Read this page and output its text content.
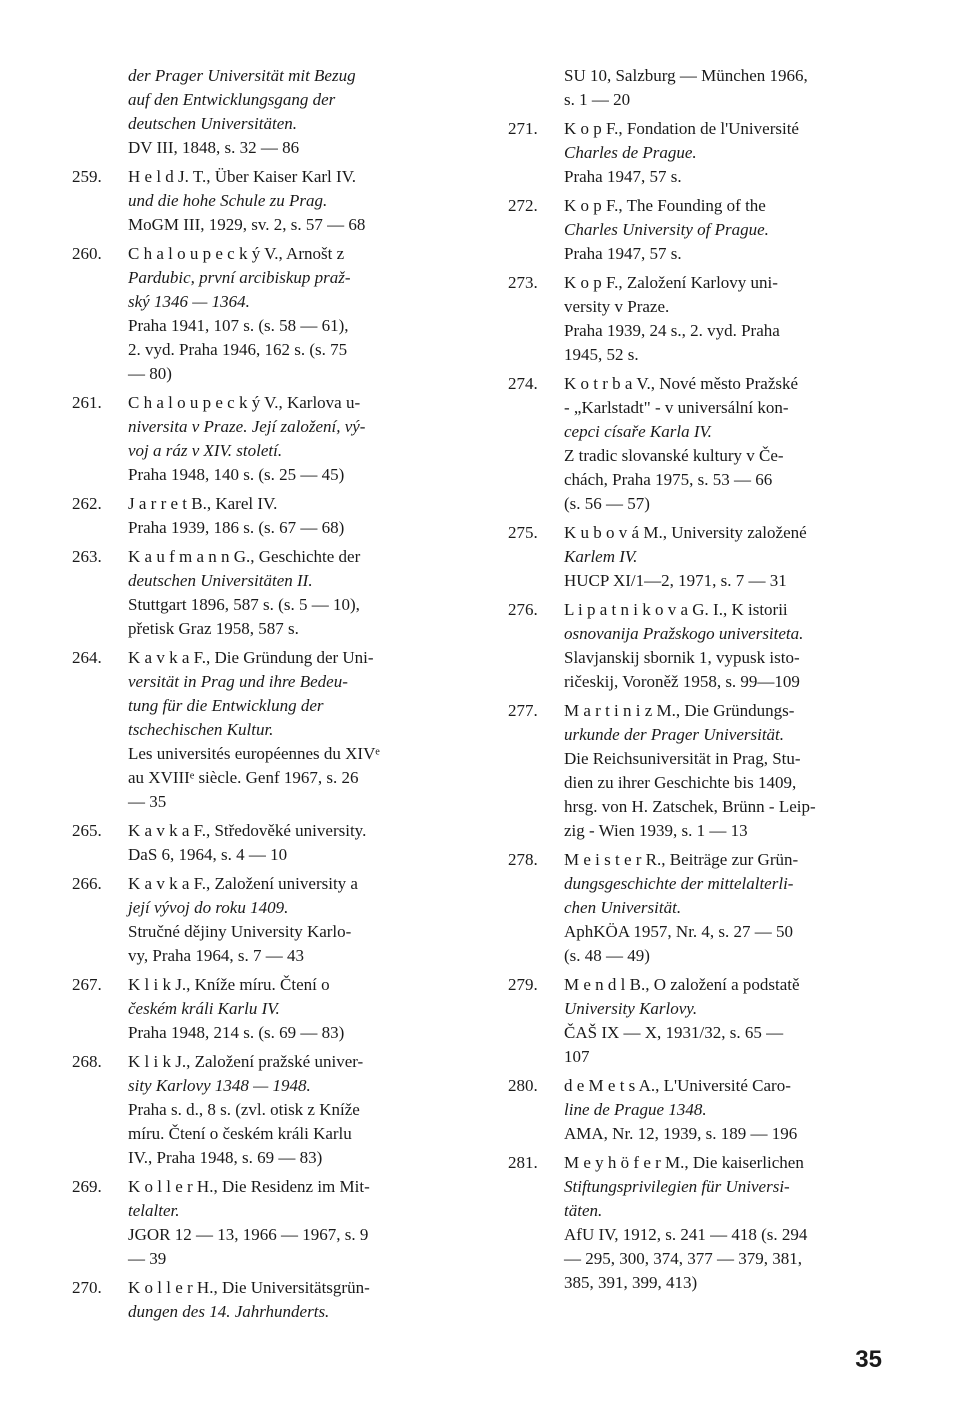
der Prager Universität mit Bezug
auf den Entwicklungsgang der
deutschen Universitäten.
DV III, 1848, s. 32 — 86
259.	H e l d J. T., Über Kaiser Karl IV.
und die hohe Schule zu Prag.
MoGM III, 1929, sv. 2, s. 57 — 68
260.	C h a l o u p e c k ý V., Arnošt z
Pardubic, první arcibiskup praž-
ský 1346 — 1364.
Praha 1941, 107 s. (s. 58 — 61),
2. vyd. Praha 1946, 162 s. (s. 75
— 80)
261.	C h a l o u p e c k ý V., Karlova u-
niversita v Praze. Její založení, vý-
voj a ráz v XIV. století.
Praha 1948, 140 s. (s. 25 — 45)
262.	J a r r e t B., Karel IV.
Praha 1939, 186 s. (s. 67 — 68)
263.	K a u f m a n n G., Geschichte der
deutschen Universitäten II.
Stuttgart 1896, 587 s. (s. 5 — 10),
přetisk Graz 1958, 587 s.
264.	K a v k a F., Die Gründung der Uni-
versität in Prag und ihre Bedeu-
tung für die Entwicklung der
tschechischen Kultur.
Les universités européennes du XIVᵉ
au XVIIIᵉ siècle. Genf 1967, s. 26
— 35
265.	K a v k a F., Středověké university.
DaS 6, 1964, s. 4 — 10
266.	K a v k a F., Založení university a
její vývoj do roku 1409.
Stručné dějiny University Karlo-
vy, Praha 1964, s. 7 — 43
267.	K l i k J., Kníže míru. Čtení o
českém králi Karlu IV.
Praha 1948, 214 s. (s. 69 — 83)
268.	K l i k J., Založení pražské univer-
sity Karlovy 1348 — 1948.
Praha s. d., 8 s. (zvl. otisk z Kníže
míru. Čtení o českém králi Karlu
IV., Praha 1948, s. 69 — 83)
269.	K o l l e r H., Die Residenz im Mit-
telalter.
JGOR 12 — 13, 1966 — 1967, s. 9
— 39
270.	K o l l e r H., Die Universitätsgrün-
dungen des 14. Jahrhunderts.
SU 10, Salzburg — München 1966,
s. 1 — 20
271.	K o p F., Fondation de l'Université
Charles de Prague.
Praha 1947, 57 s.
272.	K o p F., The Founding of the
Charles University of Prague.
Praha 1947, 57 s.
273.	K o p F., Založení Karlovy uni-
versity v Praze.
Praha 1939, 24 s., 2. vyd. Praha
1945, 52 s.
274.	K o t r b a V., Nové město Pražské
- „Karlstadt" - v universální kon-
cepci císaře Karla IV.
Z tradic slovanské kultury v Če-
chách, Praha 1975, s. 53 — 66
(s. 56 — 57)
275.	K u b o v á M., University založené
Karlem IV.
HUCP XI/1—2, 1971, s. 7 — 31
276.	L i p a t n i k o v a G. I., K istorii
osnovanija Pražskogo universiteta.
Slavjanskij sbornik 1, vypusk isto-
ričeskij, Voroněž 1958, s. 99—109
277.	M a r t i n i z M., Die Gründungs-
urkunde der Prager Universität.
Die Reichsuniversität in Prag, Stu-
dien zu ihrer Geschichte bis 1409,
hrsg. von H. Zatschek, Brünn - Leip-
zig - Wien 1939, s. 1 — 13
278.	M e i s t e r R., Beiträge zur Grün-
dungsgeschichte der mittelalterli-
chen Universität.
AphKÖA 1957, Nr. 4, s. 27 — 50
(s. 48 — 49)
279.	M e n d l B., O založení a podstatě
University Karlovy.
ČAŠ IX — X, 1931/32, s. 65 —
107
280.	d e M e t s A., L'Université Caro-
line de Prague 1348.
AMA, Nr. 12, 1939, s. 189 — 196
281.	M e y h ö f e r M., Die kaiserlichen
Stiftungsprivilegien für Universi-
täten.
AfU IV, 1912, s. 241 — 418 (s. 294
— 295, 300, 374, 377 — 379, 381,
385, 391, 399, 413)
35
